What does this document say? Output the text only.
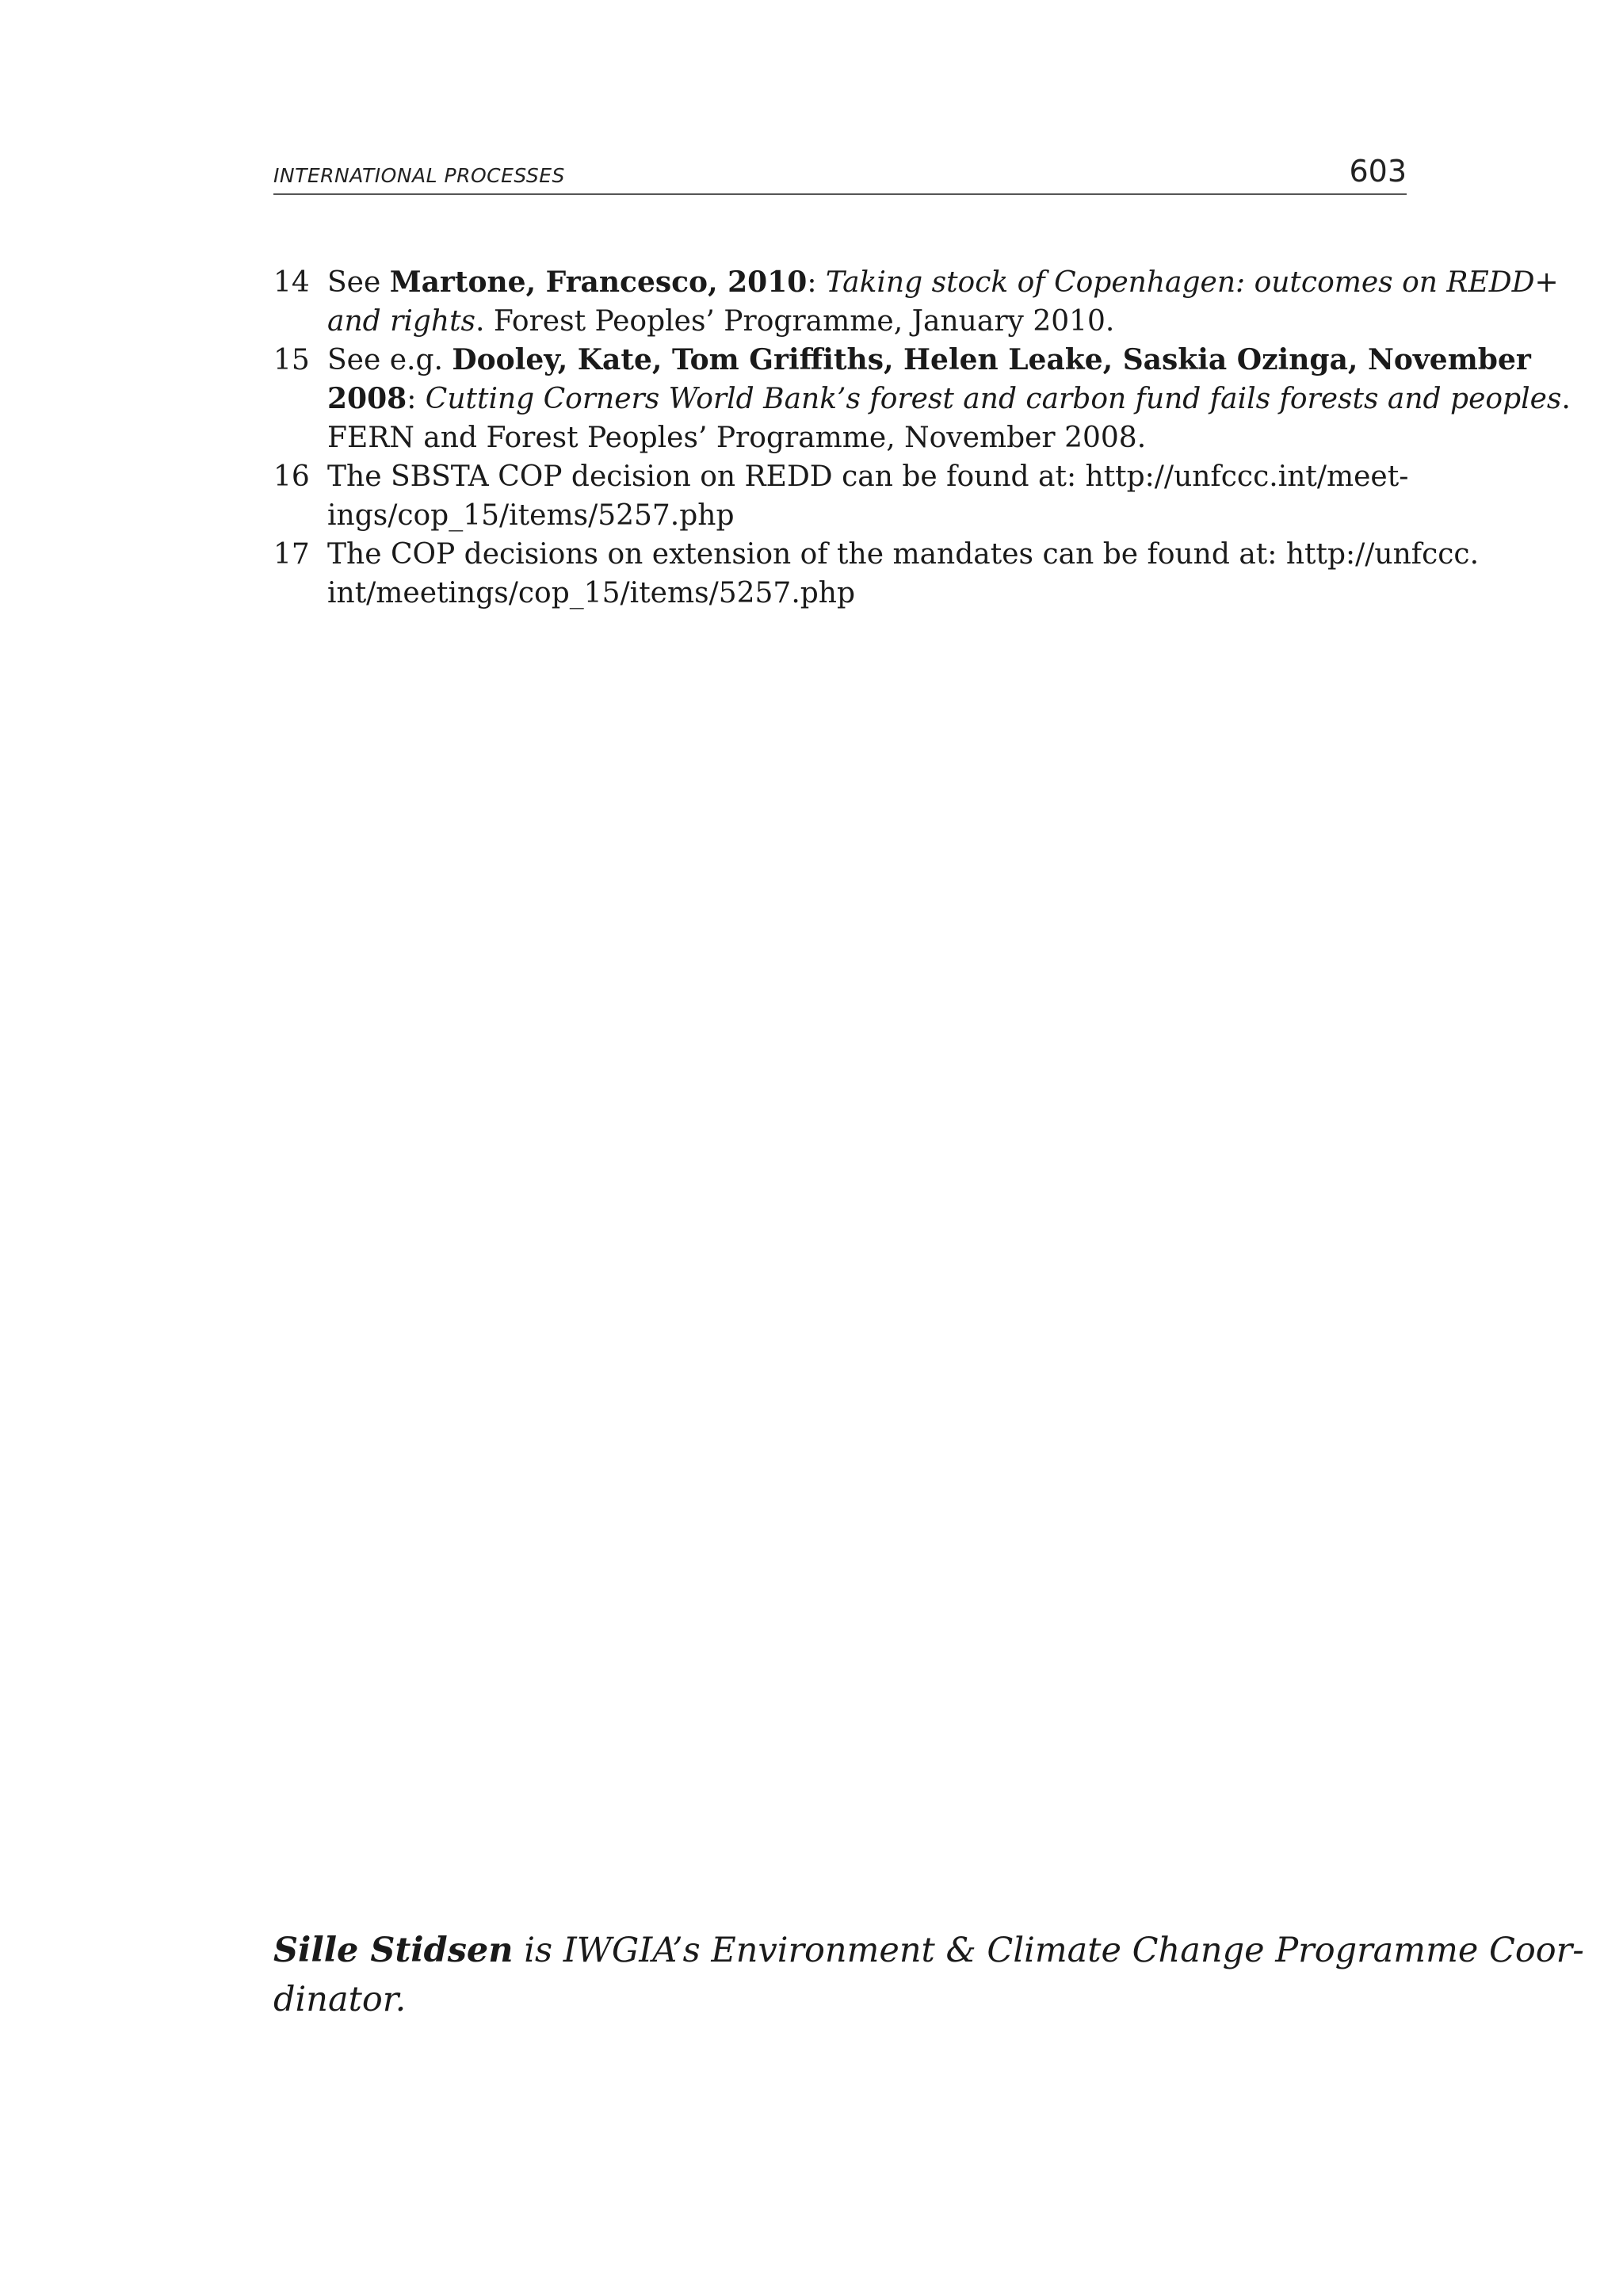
INTERNATIONAL PROCESSES	603
14 See Martone, Francesco, 2010: Taking stock of Copenhagen: outcomes on REDD+
and rights. Forest Peoples’ Programme, January 2010.
15 See e.g. Dooley, Kate, Tom Griffiths, Helen Leake, Saskia Ozinga, November
2008: Cutting Corners World Bank’s forest and carbon fund fails forests and peoples.
FERN and Forest Peoples’ Programme, November 2008.
16 The SBSTA COP decision on REDD can be found at: http://unfccc.int/meet-
ings/cop_15/items/5257.php
17 The COP decisions on extension of the mandates can be found at: http://unfccc.
int/meetings/cop_15/items/5257.php
Sille Stidsen is IWGIA’s Environment & Climate Change Programme Coor-
dinator.
